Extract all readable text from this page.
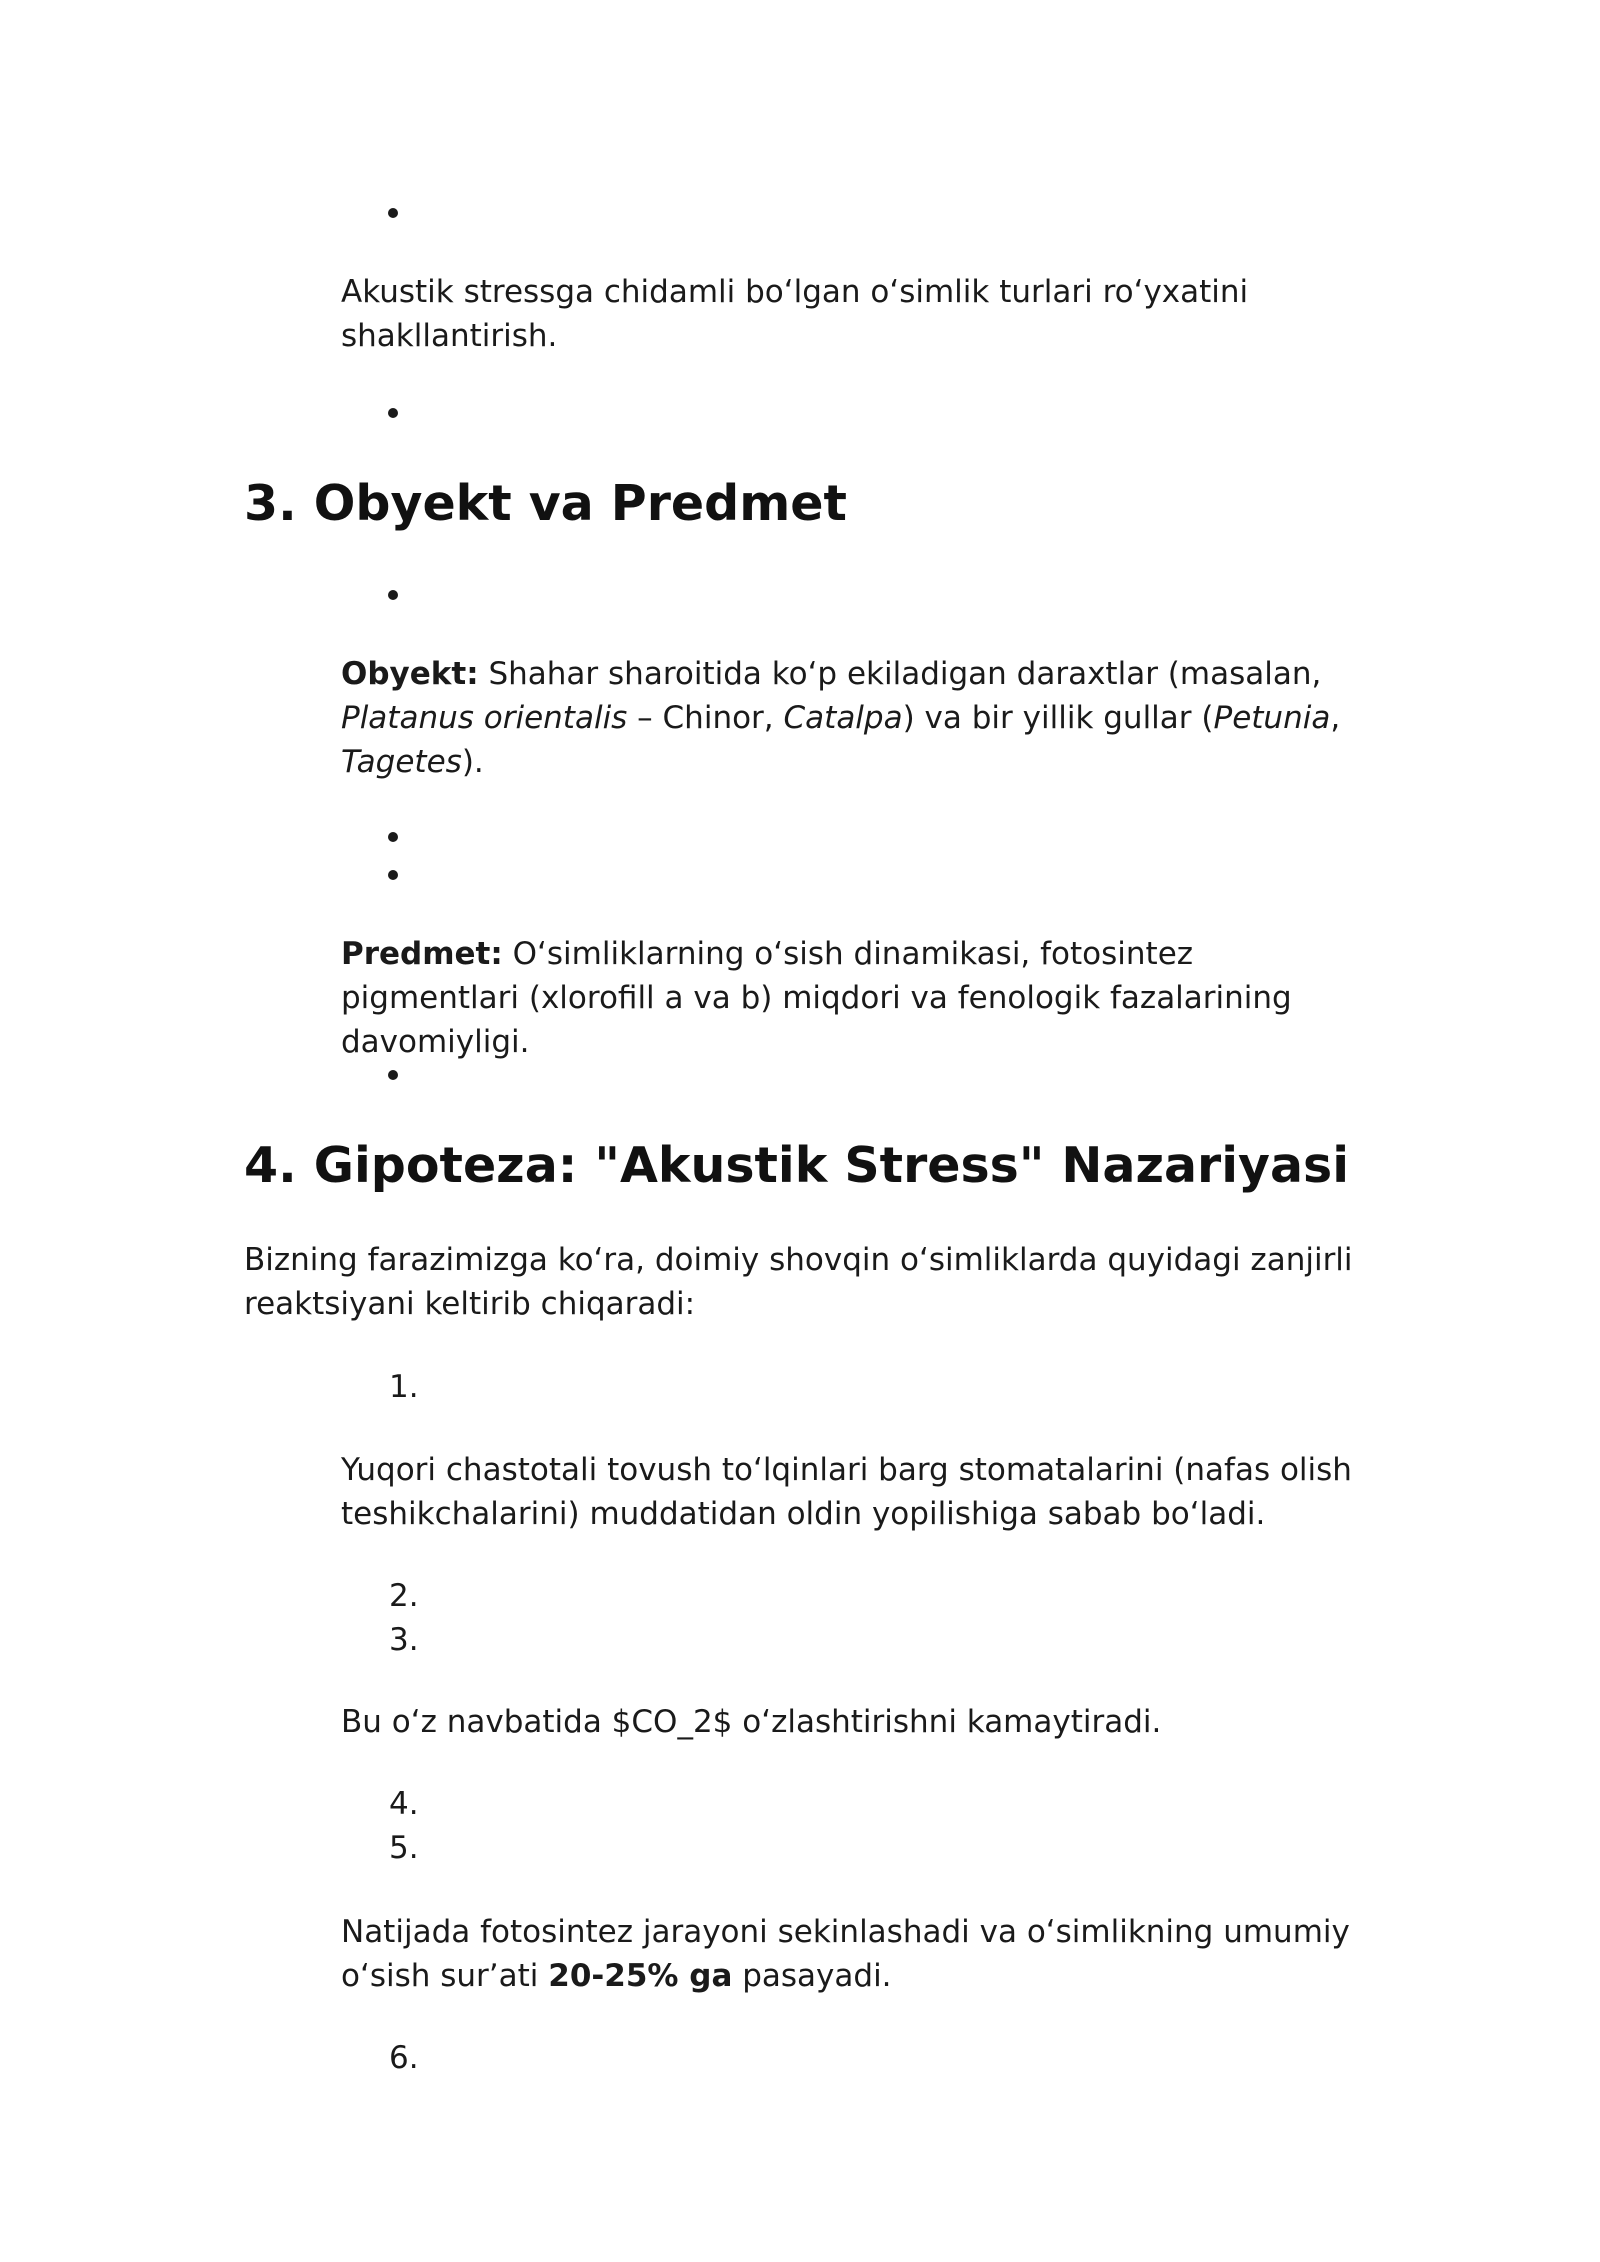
Akustik stressga chidamli boʻlgan oʻsimlik turlari roʻyxatini shakllantirish.

3. Obyekt va Predmet

Obyekt: Shahar sharoitida koʻp ekiladigan daraxtlar (masalan, Platanus orientalis – Chinor, Catalpa) va bir yillik gullar (Petunia, Tagetes).

Predmet: Oʻsimliklarning oʻsish dinamikasi, fotosintez pigmentlari (xlorofill a va b) miqdori va fenologik fazalarining davomiyligi.

4. Gipoteza: "Akustik Stress" Nazariyasi

Bizning farazimizga koʻra, doimiy shovqin oʻsimliklarda quyidagi zanjirli reaktsiyani keltirib chiqaradi:

1.

Yuqori chastotali tovush toʻlqinlari barg stomatalarini (nafas olish teshikchalarini) muddatidan oldin yopilishiga sabab boʻladi.

2.
3.

Bu oʻz navbatida $CO_2$ oʻzlashtirishni kamaytiradi.

4.
5.

Natijada fotosintez jarayoni sekinlashadi va oʻsimlikning umumiy oʻsish surʼati 20-25% ga pasayadi.

6.
